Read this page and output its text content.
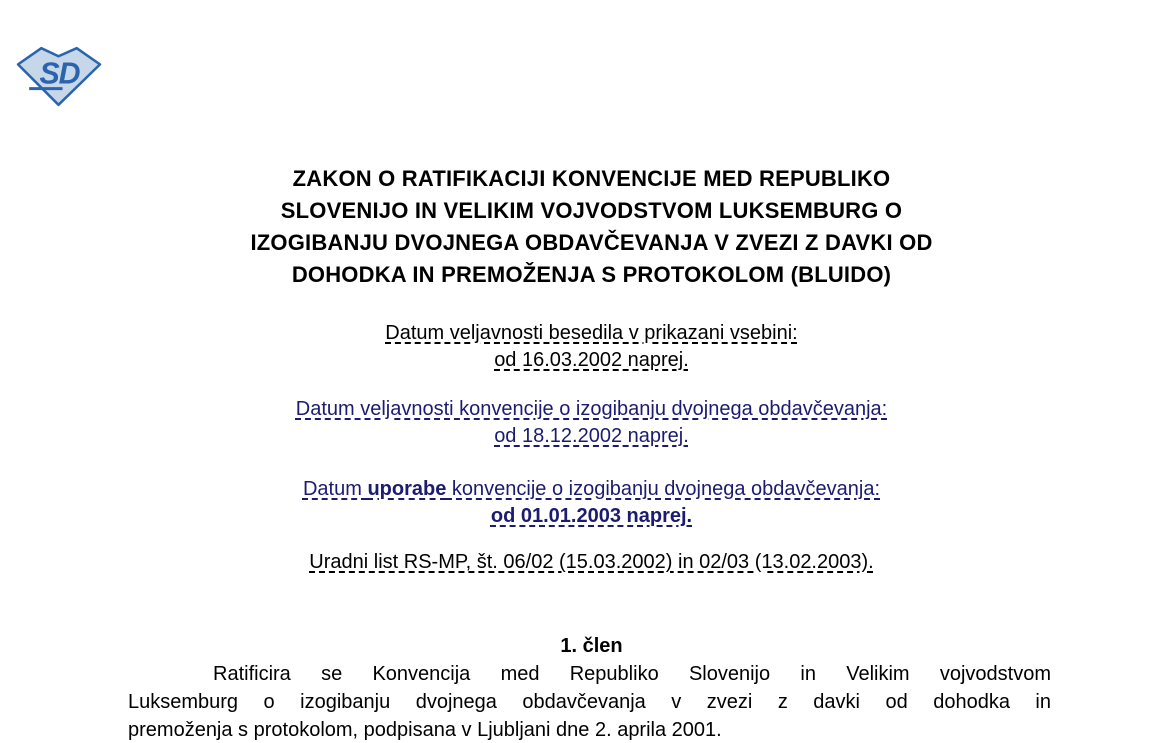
SD
ZAKON O RATIFIKACIJI KONVENCIJE MED REPUBLIKO
SLOVENIJO IN VELIKIM VOJVODSTVOM LUKSEMBURG O
IZOGIBANJU DVOJNEGA OBDAVČEVANJA V ZVEZI Z DAVKI OD
DOHODKA IN PREMOŽENJA S PROTOKOLOM (BLUIDO)
Datum veljavnosti besedila v prikazani vsebini:
od 16.03.2002 naprej.
Datum veljavnosti konvencije o izogibanju dvojnega obdavčevanja:
od 18.12.2002 naprej.
Datum uporabe konvencije o izogibanju dvojnega obdavčevanja:
od 01.01.2003 naprej.
Uradni list RS-MP, št. 06/02 (15.03.2002) in 02/03 (13.02.2003).
1. člen
Ratificira se Konvencija med Republiko Slovenijo in Velikim vojvodstvom
Luksemburg o izogibanju dvojnega obdavčevanja v zvezi z davki od dohodka in
premoženja s protokolom, podpisana v Ljubljani dne 2. aprila 2001.
